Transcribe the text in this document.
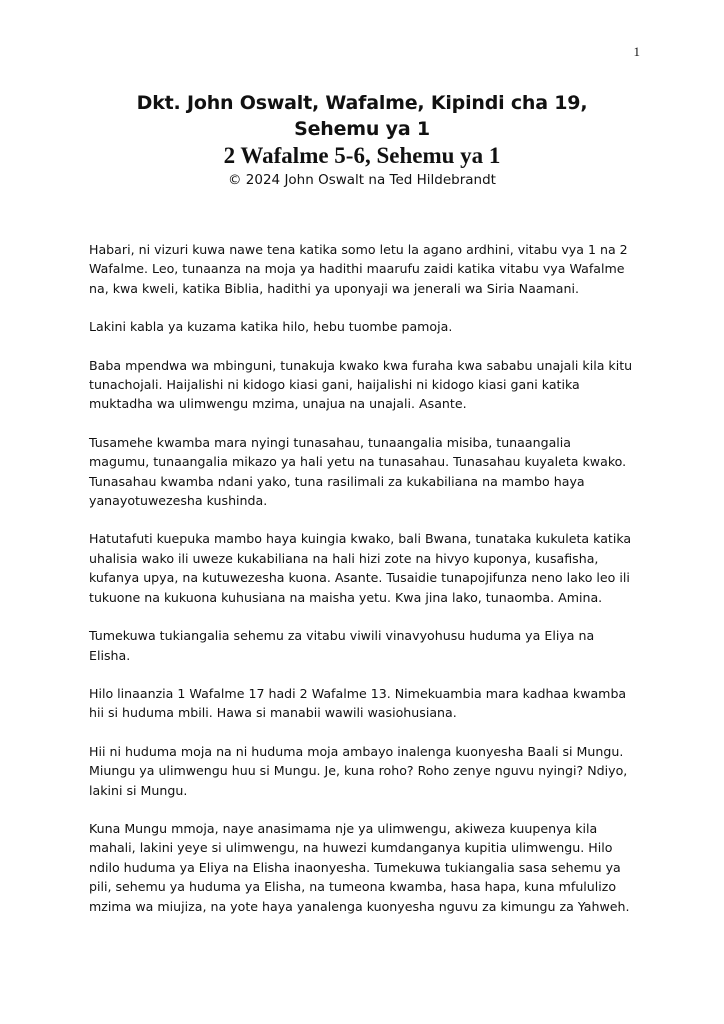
1
Dkt. John Oswalt, Wafalme, Kipindi cha 19, Sehemu ya 1
2 Wafalme 5-6, Sehemu ya 1

© 2024 John Oswalt na Ted Hildebrandt

Habari, ni vizuri kuwa nawe tena katika somo letu la agano ardhini, vitabu vya 1 na 2 Wafalme. Leo, tunaanza na moja ya hadithi maarufu zaidi katika vitabu vya Wafalme na, kwa kweli, katika Biblia, hadithi ya uponyaji wa jenerali wa Siria Naamani.

Lakini kabla ya kuzama katika hilo, hebu tuombe pamoja.

Baba mpendwa wa mbinguni, tunakuja kwako kwa furaha kwa sababu unajali kila kitu tunachojali. Haijalishi ni kidogo kiasi gani, haijalishi ni kidogo kiasi gani katika muktadha wa ulimwengu mzima, unajua na unajali. Asante.

Tusamehe kwamba mara nyingi tunasahau, tunaangalia misiba, tunaangalia magumu, tunaangalia mikazo ya hali yetu na tunasahau. Tunasahau kuyaleta kwako. Tunasahau kwamba ndani yako, tuna rasilimali za kukabiliana na mambo haya yanayotuwezesha kushinda.

Hatutafuti kuepuka mambo haya kuingia kwako, bali Bwana, tunataka kukuleta katika uhalisia wako ili uweze kukabiliana na hali hizi zote na hivyo kuponya, kusafisha, kufanya upya, na kutuwezesha kuona. Asante. Tusaidie tunapojifunza neno lako leo ili tukuone na kukuona kuhusiana na maisha yetu. Kwa jina lako, tunaomba. Amina.

Tumekuwa tukiangalia sehemu za vitabu viwili vinavyohusu huduma ya Eliya na Elisha.

Hilo linaanzia 1 Wafalme 17 hadi 2 Wafalme 13. Nimekuambia mara kadhaa kwamba hii si huduma mbili. Hawa si manabii wawili wasiohusiana.

Hii ni huduma moja na ni huduma moja ambayo inalenga kuonyesha Baali si Mungu. Miungu ya ulimwengu huu si Mungu. Je, kuna roho? Roho zenye nguvu nyingi? Ndiyo, lakini si Mungu.

Kuna Mungu mmoja, naye anasimama nje ya ulimwengu, akiweza kuupenya kila mahali, lakini yeye si ulimwengu, na huwezi kumdanganya kupitia ulimwengu. Hilo ndilo huduma ya Eliya na Elisha inaonyesha. Tumekuwa tukiangalia sasa sehemu ya pili, sehemu ya huduma ya Elisha, na tumeona kwamba, hasa hapa, kuna mfululizo mzima wa miujiza, na yote haya yanalenga kuonyesha nguvu za kimungu za Yahweh.
